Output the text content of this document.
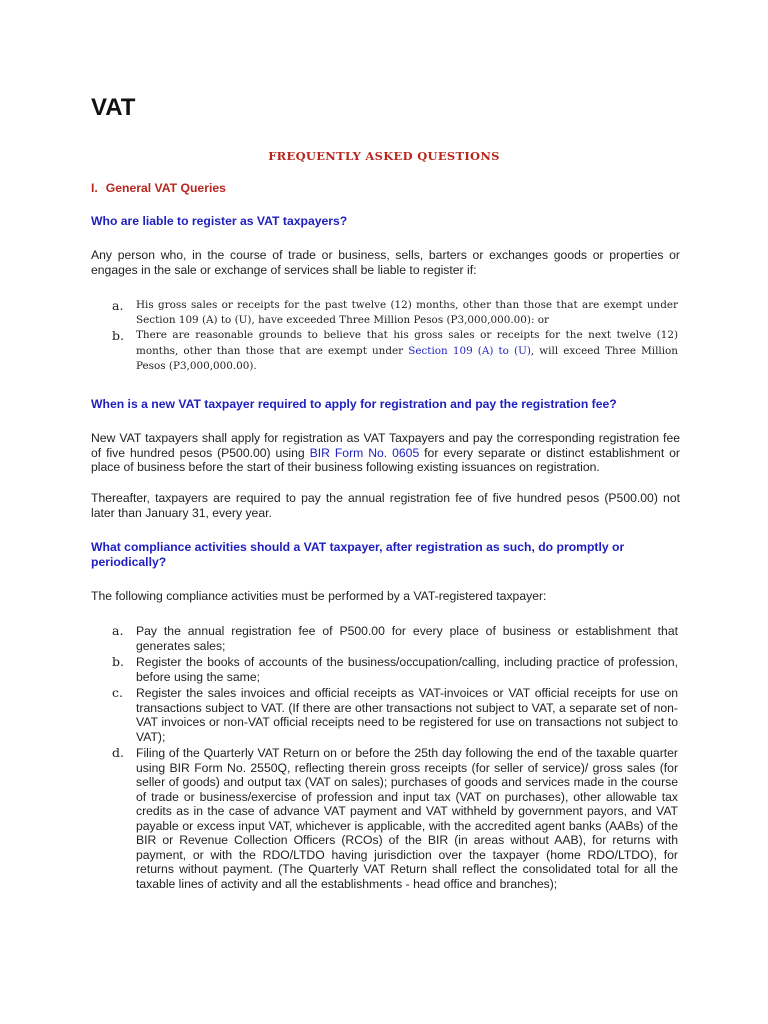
VAT
FREQUENTLY ASKED QUESTIONS
I. General VAT Queries

Who are liable to register as VAT taxpayers?

Any person who, in the course of trade or business, sells, barters or exchanges goods or properties or engages in the sale or exchange of services shall be liable to register if:

a. His gross sales or receipts for the past twelve (12) months, other than those that are exempt under Section 109 (A) to (U), have exceeded Three Million Pesos (P3,000,000.00): or
b. There are reasonable grounds to believe that his gross sales or receipts for the next twelve (12) months, other than those that are exempt under Section 109 (A) to (U), will exceed Three Million Pesos (P3,000,000.00).

When is a new VAT taxpayer required to apply for registration and pay the registration fee?

New VAT taxpayers shall apply for registration as VAT Taxpayers and pay the corresponding registration fee of five hundred pesos (P500.00) using BIR Form No. 0605 for every separate or distinct establishment or place of business before the start of their business following existing issuances on registration.

Thereafter, taxpayers are required to pay the annual registration fee of five hundred pesos (P500.00) not later than January 31, every year.

What compliance activities should a VAT taxpayer, after registration as such, do promptly or periodically?

The following compliance activities must be performed by a VAT-registered taxpayer:

a. Pay the annual registration fee of P500.00 for every place of business or establishment that generates sales;
b. Register the books of accounts of the business/occupation/calling, including practice of profession, before using the same;
c. Register the sales invoices and official receipts as VAT-invoices or VAT official receipts for use on transactions subject to VAT. (If there are other transactions not subject to VAT, a separate set of non-VAT invoices or non-VAT official receipts need to be registered for use on transactions not subject to VAT);
d. Filing of the Quarterly VAT Return on or before the 25th day following the end of the taxable quarter using BIR Form No. 2550Q, reflecting therein gross receipts (for seller of service)/ gross sales (for seller of goods) and output tax (VAT on sales); purchases of goods and services made in the course of trade or business/exercise of profession and input tax (VAT on purchases), other allowable tax credits as in the case of advance VAT payment and VAT withheld by government payors, and VAT payable or excess input VAT, whichever is applicable, with the accredited agent banks (AABs) of the BIR or Revenue Collection Officers (RCOs) of the BIR (in areas without AAB), for returns with payment, or with the RDO/LTDO having jurisdiction over the taxpayer (home RDO/LTDO), for returns without payment. (The Quarterly VAT Return shall reflect the consolidated total for all the taxable lines of activity and all the establishments - head office and branches);
